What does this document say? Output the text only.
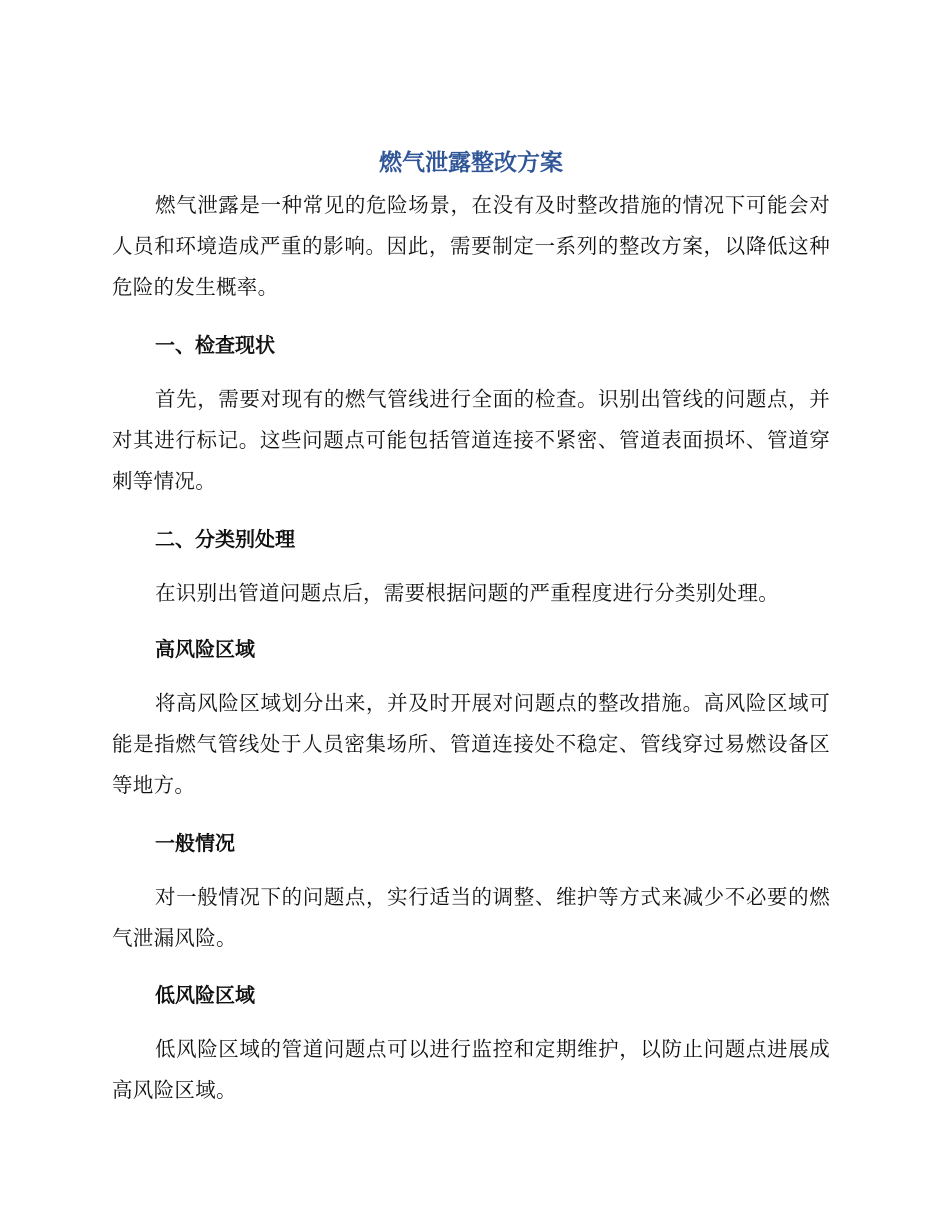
燃气泄露整改方案

燃气泄露是一种常见的危险场景，在没有及时整改措施的情况下可能会对人员和环境造成严重的影响。因此，需要制定一系列的整改方案，以降低这种危险的发生概率。

一、检查现状

首先，需要对现有的燃气管线进行全面的检查。识别出管线的问题点，并对其进行标记。这些问题点可能包括管道连接不紧密、管道表面损坏、管道穿刺等情况。

二、分类别处理

在识别出管道问题点后，需要根据问题的严重程度进行分类别处理。

高风险区域

将高风险区域划分出来，并及时开展对问题点的整改措施。高风险区域可能是指燃气管线处于人员密集场所、管道连接处不稳定、管线穿过易燃设备区等地方。

一般情况

对一般情况下的问题点，实行适当的调整、维护等方式来减少不必要的燃气泄漏风险。

低风险区域

低风险区域的管道问题点可以进行监控和定期维护，以防止问题点进展成高风险区域。
